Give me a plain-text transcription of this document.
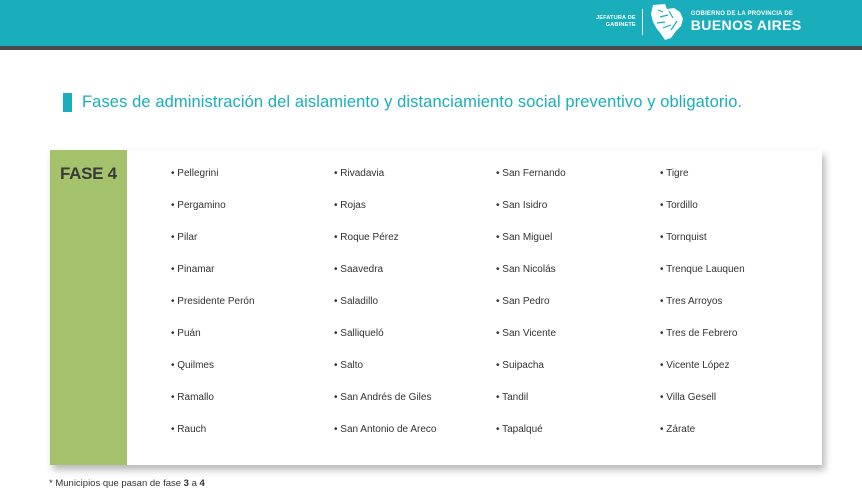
JEFATURA DE
GABINETE
GOBIERNO DE LA PROVINCIA DE
BUENOS AIRES
Fases de administración del aislamiento y distanciamiento social preventivo y obligatorio.
FASE 4	• Pellegrini
• Pergamino
• Pilar
• Pinamar
• Presidente Perón
• Puán
• Quilmes
• Ramallo
• Rauch
• Rivadavia
• Rojas
• Roque Pérez
• Saavedra
• Saladillo
• Salliqueló
• Salto
• San Andrés de Giles
• San Antonio de Areco
• San Fernando
• San Isidro
• San Miguel
• San Nicolás
• San Pedro
• San Vicente
• Suipacha
• Tandil
• Tapalqué
• Tigre
• Tordillo
• Tornquist
• Trenque Lauquen
• Tres Arroyos
• Tres de Febrero
• Vicente López
• Villa Gesell
• Zárate
* Municipios que pasan de fase 3 a 4
